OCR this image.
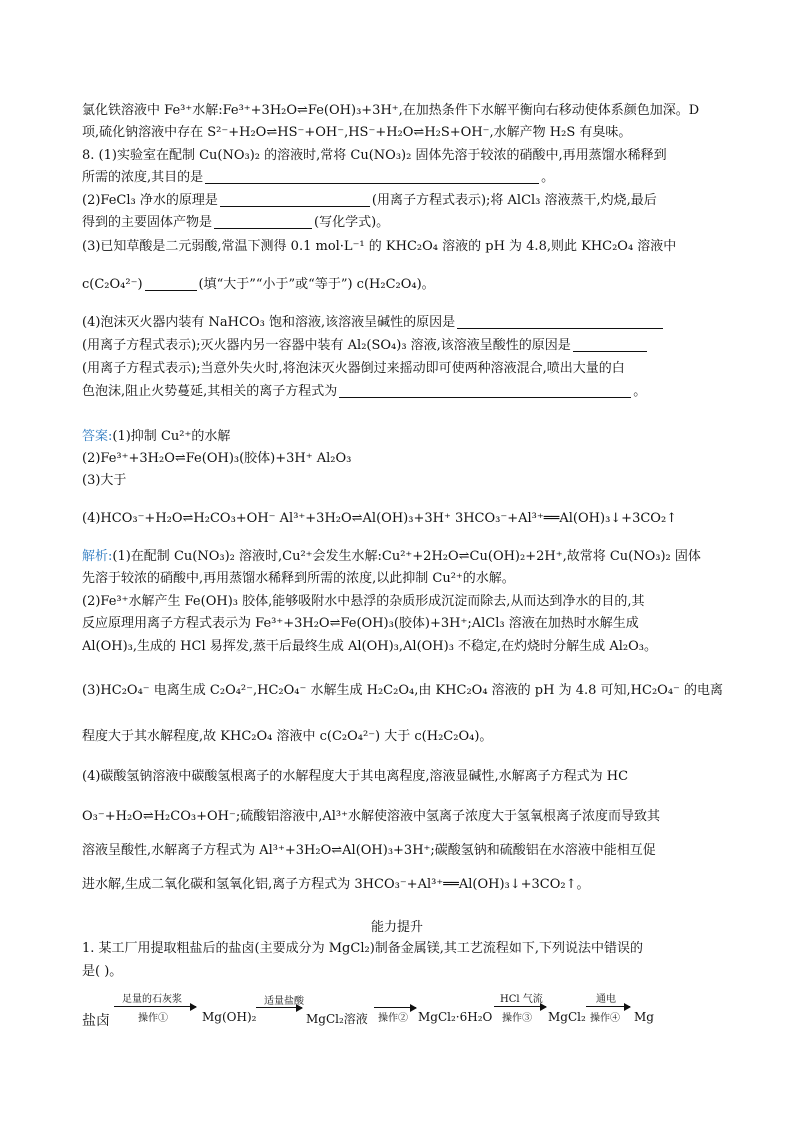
氯化铁溶液中 Fe³⁺水解:Fe³⁺+3H₂O⇌Fe(OH)₃+3H⁺,在加热条件下水解平衡向右移动使体系颜色加深。D
项,硫化钠溶液中存在 S²⁻+H₂O⇌HS⁻+OH⁻,HS⁻+H₂O⇌H₂S+OH⁻,水解产物 H₂S 有臭味。
8. (1)实验室在配制 Cu(NO₃)₂ 的溶液时,常将 Cu(NO₃)₂ 固体先溶于较浓的硝酸中,再用蒸馏水稀释到
所需的浓度,其目的是	。
(2)FeCl₃ 净水的原理是	(用离子方程式表示);将 AlCl₃ 溶液蒸干,灼烧,最后
得到的主要固体产物是	(写化学式)。
(3)已知草酸是二元弱酸,常温下测得 0.1 mol·L⁻¹ 的 KHC₂O₄ 溶液的 pH 为 4.8,则此 KHC₂O₄ 溶液中
c(C₂O₄²⁻)	(填“大于”“小于”或“等于”) c(H₂C₂O₄)。
(4)泡沫灭火器内装有 NaHCO₃ 饱和溶液,该溶液呈碱性的原因是
(用离子方程式表示);灭火器内另一容器中装有 Al₂(SO₄)₃ 溶液,该溶液呈酸性的原因是
(用离子方程式表示);当意外失火时,将泡沫灭火器倒过来摇动即可使两种溶液混合,喷出大量的白
色泡沫,阻止火势蔓延,其相关的离子方程式为	。
答案:(1)抑制 Cu²⁺的水解
(2)Fe³⁺+3H₂O⇌Fe(OH)₃(胶体)+3H⁺ Al₂O₃
(3)大于
(4)HCO₃⁻+H₂O⇌H₂CO₃+OH⁻ Al³⁺+3H₂O⇌Al(OH)₃+3H⁺ 3HCO₃⁻+Al³⁺══Al(OH)₃↓+3CO₂↑
解析:(1)在配制 Cu(NO₃)₂ 溶液时,Cu²⁺会发生水解:Cu²⁺+2H₂O⇌Cu(OH)₂+2H⁺,故常将 Cu(NO₃)₂ 固体
先溶于较浓的硝酸中,再用蒸馏水稀释到所需的浓度,以此抑制 Cu²⁺的水解。
(2)Fe³⁺水解产生 Fe(OH)₃ 胶体,能够吸附水中悬浮的杂质形成沉淀而除去,从而达到净水的目的,其
反应原理用离子方程式表示为 Fe³⁺+3H₂O⇌Fe(OH)₃(胶体)+3H⁺;AlCl₃ 溶液在加热时水解生成
Al(OH)₃,生成的 HCl 易挥发,蒸干后最终生成 Al(OH)₃,Al(OH)₃ 不稳定,在灼烧时分解生成 Al₂O₃。
(3)HC₂O₄⁻ 电离生成 C₂O₄²⁻,HC₂O₄⁻ 水解生成 H₂C₂O₄,由 KHC₂O₄ 溶液的 pH 为 4.8 可知,HC₂O₄⁻ 的电离
程度大于其水解程度,故 KHC₂O₄ 溶液中 c(C₂O₄²⁻) 大于 c(H₂C₂O₄)。
(4)碳酸氢钠溶液中碳酸氢根离子的水解程度大于其电离程度,溶液显碱性,水解离子方程式为 HC
O₃⁻+H₂O⇌H₂CO₃+OH⁻;硫酸铝溶液中,Al³⁺水解使溶液中氢离子浓度大于氢氧根离子浓度而导致其
溶液呈酸性,水解离子方程式为 Al³⁺+3H₂O⇌Al(OH)₃+3H⁺;碳酸氢钠和硫酸铝在水溶液中能相互促
进水解,生成二氧化碳和氢氧化铝,离子方程式为 3HCO₃⁻+Al³⁺══Al(OH)₃↓+3CO₂↑。
能力提升
1. 某工厂用提取粗盐后的盐卤(主要成分为 MgCl₂)制备金属镁,其工艺流程如下,下列说法中错误的
是( )。
盐卤
足量的石灰浆
操作①	Mg(OH)₂
适量盐酸
MgCl₂溶液 操作② MgCl₂·6H₂O
HCl 气流
操作③ MgCl₂
通电
操作④ Mg
